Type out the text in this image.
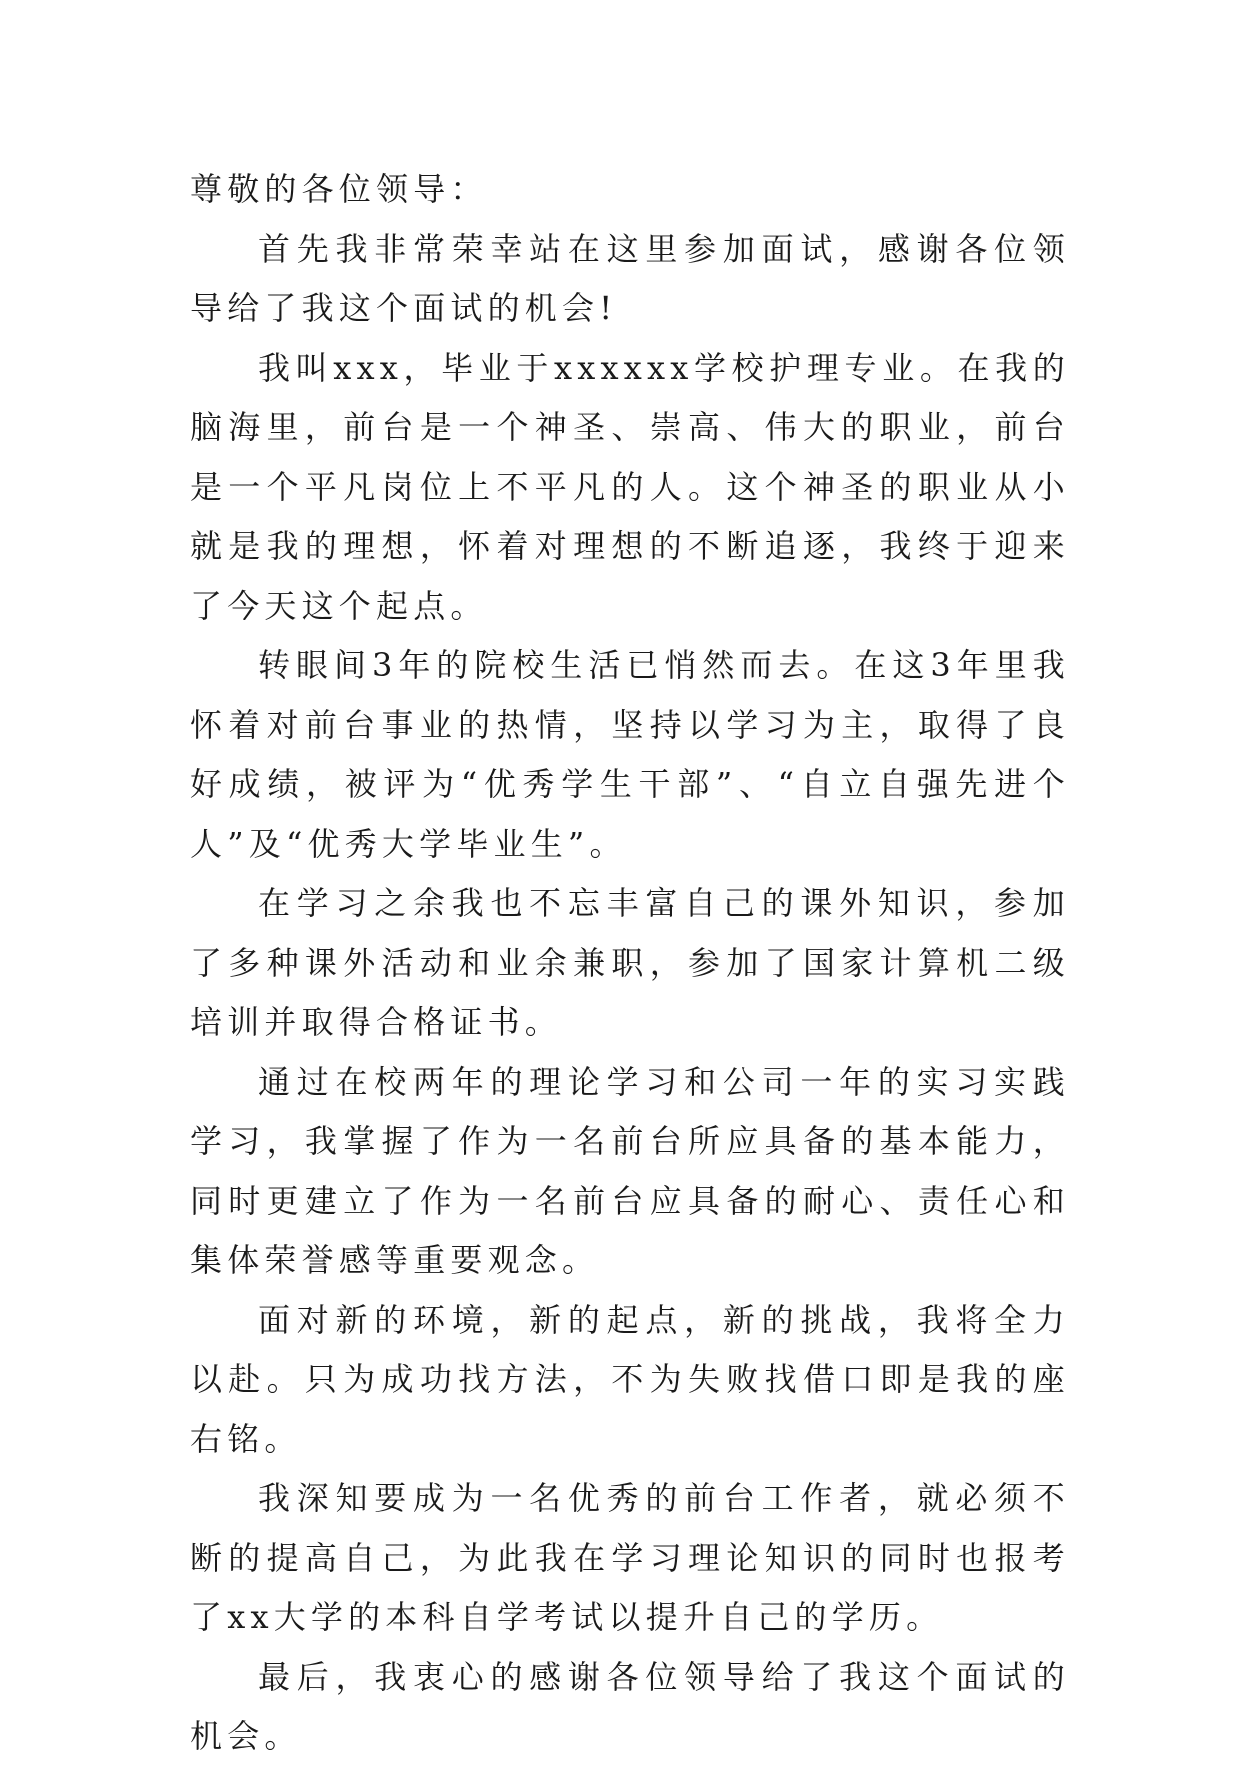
尊敬的各位领导：

首先我非常荣幸站在这里参加面试，感谢各位领导给了我这个面试的机会!

我叫xxx，毕业于xxxxxx学校护理专业。在我的脑海里，前台是一个神圣、崇高、伟大的职业，前台是一个平凡岗位上不平凡的人。这个神圣的职业从小就是我的理想，怀着对理想的不断追逐，我终于迎来了今天这个起点。

转眼间3年的院校生活已悄然而去。在这3年里我怀着对前台事业的热情，坚持以学习为主，取得了良好成绩，被评为“优秀学生干部”、“自立自强先进个人”及“优秀大学毕业生”。

在学习之余我也不忘丰富自己的课外知识，参加了多种课外活动和业余兼职，参加了国家计算机二级培训并取得合格证书。

通过在校两年的理论学习和公司一年的实习实践学习，我掌握了作为一名前台所应具备的基本能力，同时更建立了作为一名前台应具备的耐心、责任心和集体荣誉感等重要观念。

面对新的环境，新的起点，新的挑战，我将全力以赴。只为成功找方法，不为失败找借口即是我的座右铭。

我深知要成为一名优秀的前台工作者，就必须不断的提高自己，为此我在学习理论知识的同时也报考了xx大学的本科自学考试以提升自己的学历。

最后，我衷心的感谢各位领导给了我这个面试的机会。
